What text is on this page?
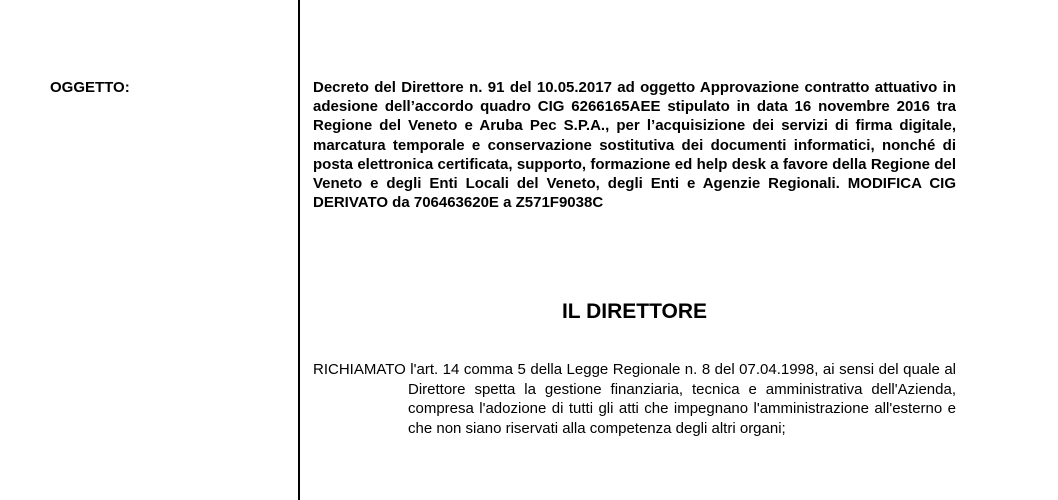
OGGETTO:	Decreto del Direttore n. 91 del 10.05.2017 ad oggetto Approvazione contratto attuativo in adesione dell’accordo quadro CIG 6266165AEE stipulato in data 16 novembre 2016 tra Regione del Veneto e Aruba Pec S.P.A., per l’acquisizione dei servizi di firma digitale, marcatura temporale e conservazione sostitutiva dei documenti informatici, nonché di posta elettronica certificata, supporto, formazione ed help desk a favore della Regione del Veneto e degli Enti Locali del Veneto, degli Enti e Agenzie Regionali. MODIFICA CIG DERIVATO da 706463620E a Z571F9038C

IL DIRETTORE

RICHIAMATO l'art. 14 comma 5 della Legge Regionale n. 8 del 07.04.1998, ai sensi del quale al Direttore spetta la gestione finanziaria, tecnica e amministrativa dell'Azienda, compresa l'adozione di tutti gli atti che impegnano l'amministrazione all'esterno e che non siano riservati alla competenza degli altri organi;
